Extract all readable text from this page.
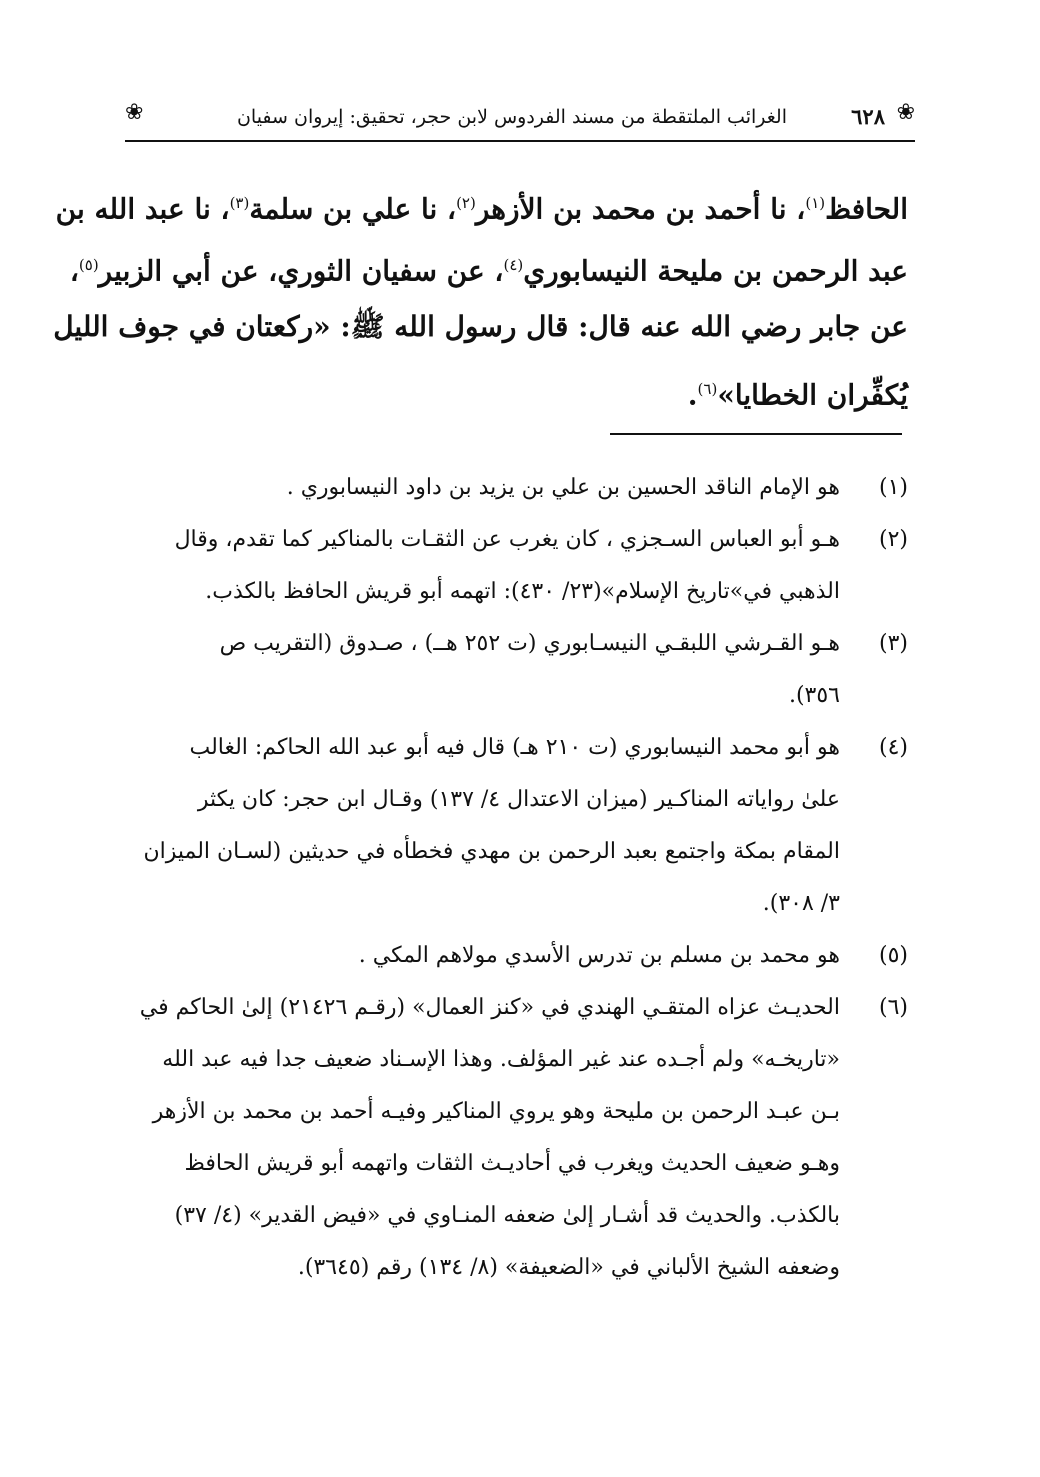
❀
٦٢٨
الغرائب الملتقطة من مسند الفردوس لابن حجر، تحقيق: إيروان سفيان
❀
الحافظ$^{(١)}$، نا أحمد بن محمد بن الأزهر$^{(٢)}$، نا علي بن سلمة$^{(٣)}$، نا عبد الله بن
عبد الرحمن بن مليحة النيسابوري$^{(٤)}$، عن سفيان الثوري، عن أبي الزبير$^{(٥)}$،
عن جابر رضي الله عنه قال: قال رسول الله ﷺ: «ركعتان في جوف الليل
يُكفِّران الخطايا»$^{(٦)}$.
(١)
هو الإمام الناقد الحسين بن علي بن يزيد بن داود النيسابوري .
(٢)
هـو أبو العباس السـجزي ، كان يغرب عن الثقـات بالمناكير كما تقدم، وقال
الذهبي في»تاريخ الإسلام»(٢٣/ ٤٣٠): اتهمه أبو قريش الحافظ بالكذب.
(٣)
هـو القـرشي اللبقـي النيسـابوري (ت ٢٥٢ هــ) ، صـدوق (التقريب ص
٣٥٦).
(٤)
هو أبو محمد النيسابوري (ت ٢١٠ هـ) قال فيه أبو عبد الله الحاكم: الغالب
علىٰ رواياته المناكـير (ميزان الاعتدال ٤/ ١٣٧) وقـال ابن حجر: كان يكثر
المقام بمكة واجتمع بعبد الرحمن بن مهدي فخطأه في حديثين (لسـان الميزان
٣/ ٣٠٨).
(٥)
هو محمد بن مسلم بن تدرس الأسدي مولاهم المكي .
(٦)
الحديـث عزاه المتقـي الهندي في «كنز العمال» (رقـم ٢١٤٢٦) إلىٰ الحاكم في
«تاريخـه» ولم أجـده عند غير المؤلف. وهذا الإسـناد ضعيف جدا فيه عبد الله
بـن عبـد الرحمن بن مليحة وهو يروي المناكير وفيـه أحمد بن محمد بن الأزهر
وهـو ضعيف الحديث ويغرب في أحاديـث الثقات واتهمه أبو قريش الحافظ
بالكذب. والحديث قد أشـار إلىٰ ضعفه المنـاوي في «فيض القدير» (٤/ ٣٧)
وضعفه الشيخ الألباني في «الضعيفة» (٨/ ١٣٤) رقم (٣٦٤٥).
